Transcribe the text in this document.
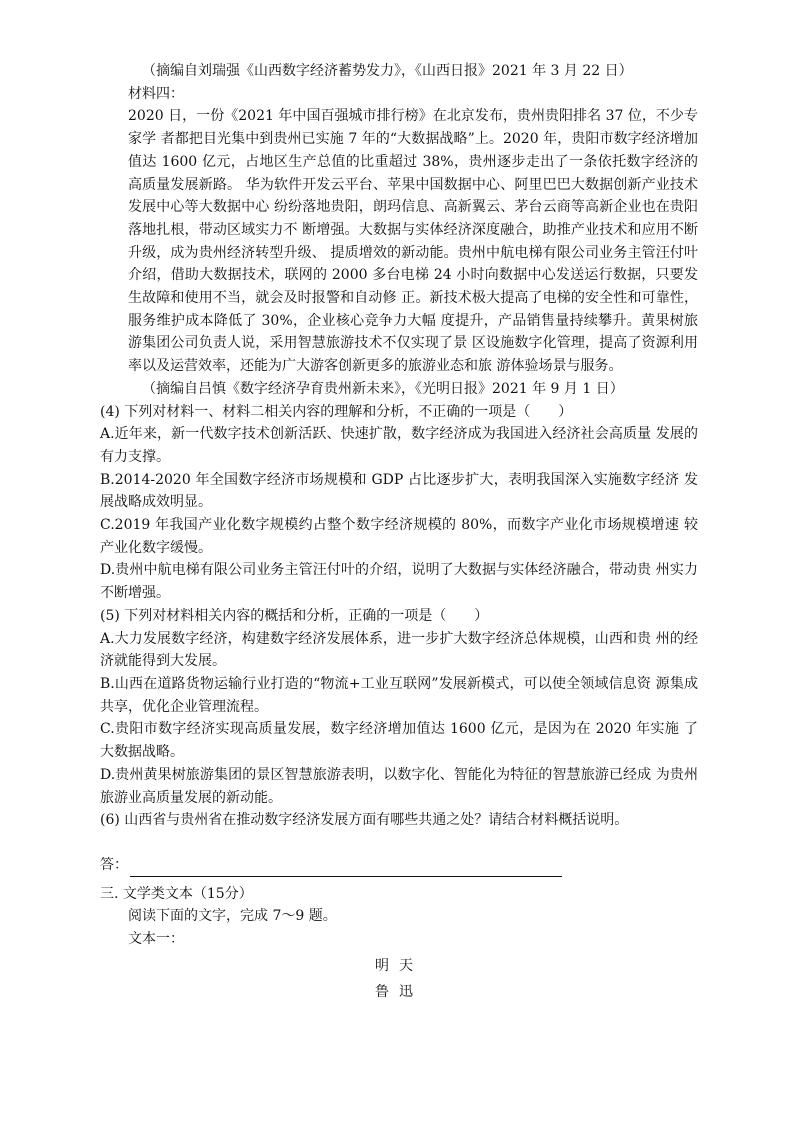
（摘编自刘瑞强《山西数字经济蓄势发力》，《山西日报》2021 年 3 月 22 日）

材料四：

2020 日，一份《2021 年中国百强城市排行榜》在北京发布，贵州贵阳排名 37 位，不少专家学 者都把目光集中到贵州已实施 7 年的“大数据战略”上。2020 年，贵阳市数字经济增加值达 1600 亿元，占地区生产总值的比重超过 38%，贵州逐步走出了一条依托数字经济的高质量发展新路。 华为软件开发云平台、苹果中国数据中心、阿里巴巴大数据创新产业技术发展中心等大数据中心 纷纷落地贵阳，朗玛信息、高新翼云、茅台云商等高新企业也在贵阳落地扎根，带动区域实力不 断增强。大数据与实体经济深度融合，助推产业技术和应用不断升级，成为贵州经济转型升级、 提质增效的新动能。贵州中航电梯有限公司业务主管汪付叶介绍，借助大数据技术，联网的 2000 多台电梯 24 小时向数据中心发送运行数据，只要发生故障和使用不当，就会及时报警和自动修 正。新技术极大提高了电梯的安全性和可靠性，服务维护成本降低了 30%，企业核心竞争力大幅 度提升，产品销售量持续攀升。黄果树旅游集团公司负责人说，采用智慧旅游技术不仅实现了景 区设施数字化管理，提高了资源利用率以及运营效率，还能为广大游客创新更多的旅游业态和旅 游体验场景与服务。

（摘编自吕慎《数字经济孕育贵州新未来》，《光明日报》2021 年 9 月 1 日）

(4) 下列对材料一、材料二相关内容的理解和分析，不正确的一项是（　　）

A.近年来，新一代数字技术创新活跃、快速扩散，数字经济成为我国进入经济社会高质量 发展的有力支撑。

B.2014-2020 年全国数字经济市场规模和 GDP 占比逐步扩大，表明我国深入实施数字经济 发展战略成效明显。

C.2019 年我国产业化数字规模约占整个数字经济规模的 80%，而数字产业化市场规模增速 较产业化数字缓慢。

D.贵州中航电梯有限公司业务主管汪付叶的介绍，说明了大数据与实体经济融合，带动贵 州实力不断增强。

(5) 下列对材料相关内容的概括和分析，正确的一项是（　　）

A.大力发展数字经济，构建数字经济发展体系，进一步扩大数字经济总体规模，山西和贵 州的经济就能得到大发展。

B.山西在道路货物运输行业打造的“物流+工业互联网”发展新模式，可以使全领域信息资 源集成共享，优化企业管理流程。

C.贵阳市数字经济实现高质量发展，数字经济增加值达 1600 亿元，是因为在 2020 年实施 了大数据战略。

D.贵州黄果树旅游集团的景区智慧旅游表明，以数字化、智能化为特征的智慧旅游已经成 为贵州旅游业高质量发展的新动能。

(6) 山西省与贵州省在推动数字经济发展方面有哪些共通之处？请结合材料概括说明。

答：

三. 文学类文本（15分）

阅读下面的文字，完成 7～9 题。

文本一：

明天

鲁迅
